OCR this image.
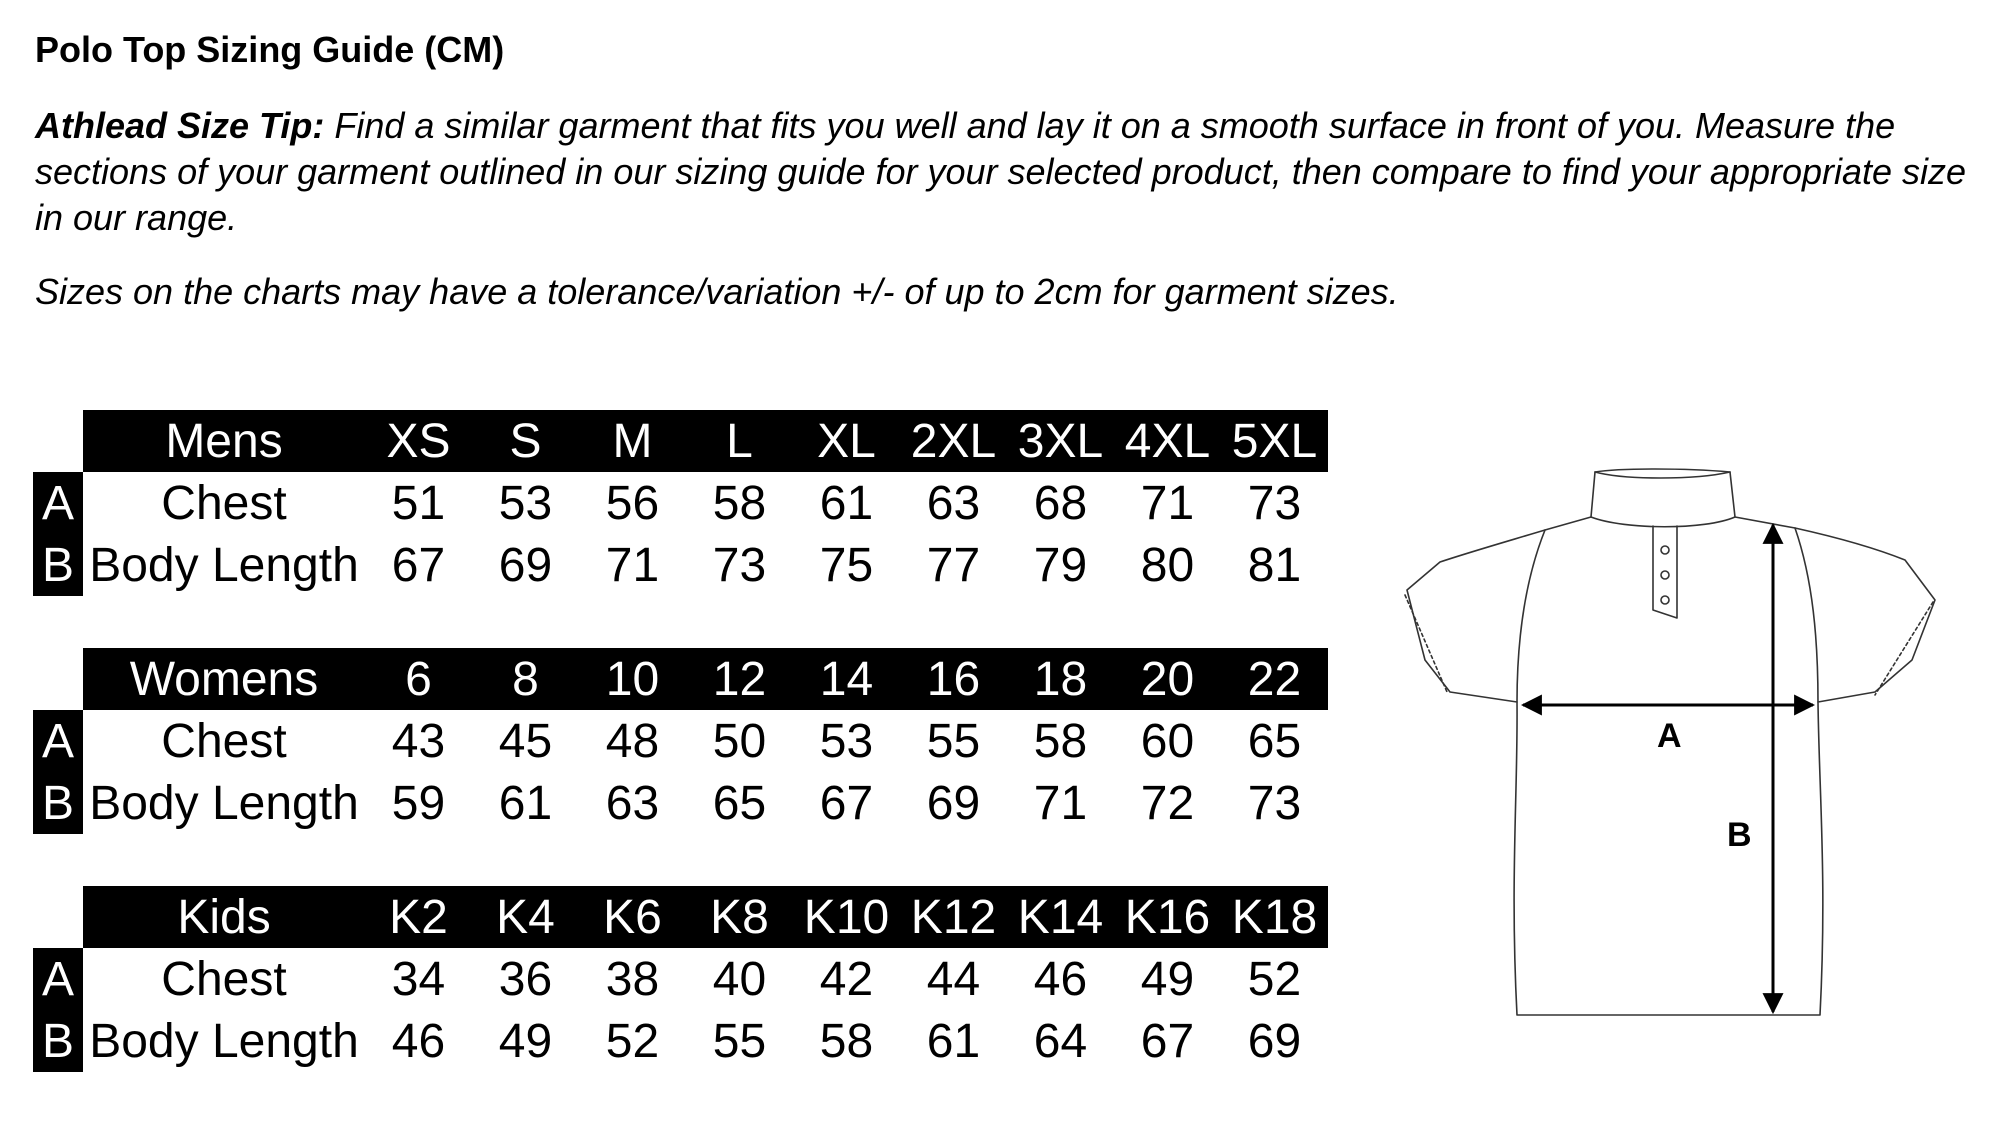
Polo Top Sizing Guide (CM)
Athlead Size Tip: Find a similar garment that fits you well and lay it on a smooth surface in front of you. Measure the sections of your garment outlined in our sizing guide for your selected product, then compare to find your appropriate size in our range.
Sizes on the charts may have a tolerance/variation +/- of up to 2cm for garment sizes.
Mens	XS	S	M	L	XL 2XL 3XL 4XL 5XL
A	Chest	51	53	56	58	61	63	68	71	73
B Body Length 67	69	71	73	75	77	79	80	81
Womens	6	8	10	12	14	16	18	20	22
A	Chest	43	45	48	50	53	55	58	60	65
B Body Length 59	61	63	65	67	69	71	72	73
Kids	K2	K4	K6	K8 K10 K12 K14 K16 K18
A	Chest	34	36	38	40	42	44	46	49	52
B Body Length 46	49	52	55	58	61	64	67	69
A
B
